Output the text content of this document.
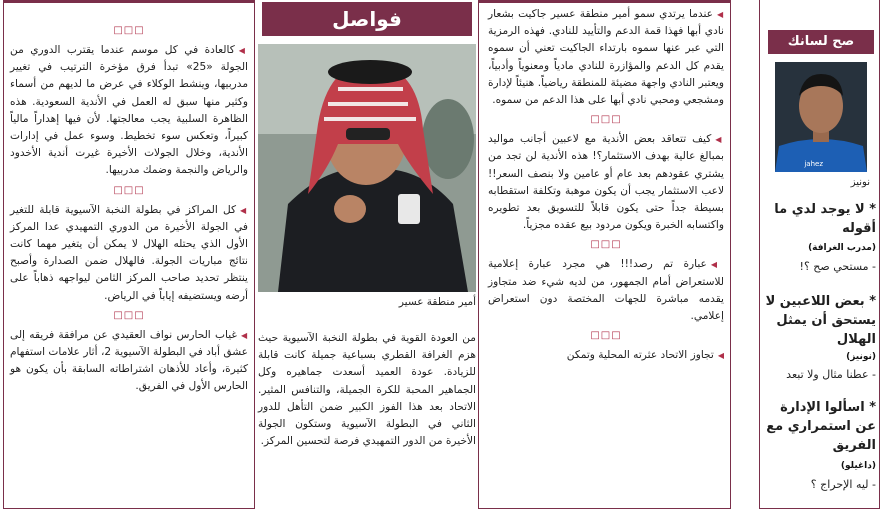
فواصل	◀عندما يرتدي سمو أمير منطقة عسير جاكيت بشعار نادي أبها فهذا قمة الدعم والتأييد للنادي. فهذه الرمزية التي عبر عنها سموه بارتداء الجاكيت تعني أن سموه يقدم كل الدعم والمؤازرة للنادي مادياً ومعنوياً وأدبياً، ويعتبر النادي واجهة مضيئة للمنطقة رياضياً. هنيئاً لإدارة ومشجعي ومحبي نادي أبها على هذا الدعم من سموه.
□□□
◀كيف تتعاقد بعض الأندية مع لاعبين أجانب مواليد بمبالغ عالية بهدف الاستثمار؟! هذه الأندية لن تجد من يشتري عقودهم بعد عام أو عامين ولا بنصف السعر!! لاعب الاستثمار يجب أن يكون موهبة وتكلفة استقطابه بسيطة جداً حتى يكون قابلاً للتسويق بعد تطويره واكتسابه الخبرة ويكون مردود بيع عقده مجزياً.
□□□
◀عبارة تم رصد!!! هي مجرد عبارة إعلامية للاستعراض أمام الجمهور، من لديه شيء ضد متجاوز يقدمه مباشرة للجهات المختصة دون استعراض إعلامي.
□□□
◀تجاوز الاتحاد عثرته المحلية وتمكن
أمير منطقة عسير
من العودة القوية في بطولة النخبة الآسيوية حيث هزم الغرافة القطري بسباعية جميلة كانت قابلة للزيادة. عودة العميد أسعدت جماهيره وكل الجماهير المحبة للكرة الجميلة، والتنافس المثير. الاتحاد بعد هذا الفوز الكبير ضمن التأهل للدور الثاني في البطولة الآسيوية وستكون الجولة الأخيرة من الدور التمهيدي فرصة لتحسين المركز.
□□□
◀كالعادة في كل موسم عندما يقترب الدوري من الجولة «25» تبدأ فرق مؤخرة الترتيب في تغيير مدربيها، وينشط الوكلاء في عرض ما لديهم من أسماء وكثير منها سبق له العمل في الأندية السعودية. هذه الظاهرة السلبية يجب معالجتها. لأن فيها إهداراً مالياً كبيراً، وتعكس سوء تخطيط. وسوء عمل في إدارات الأندية، وخلال الجولات الأخيرة غيرت أندية الأخدود والرياض والنجمة وضمك مدربيها.
□□□
◀كل المراكز في بطولة النخبة الآسيوية قابلة للتغير في الجولة الأخيرة من الدوري التمهيدي عدا المركز الأول الذي يحتله الهلال لا يمكن أن يتغير مهما كانت نتائج مباريات الجولة. فالهلال ضمن الصدارة وأصبح ينتظر تحديد صاحب المركز الثامن ليواجهه ذهاباً على أرضه ويستضيفه إياباً في الرياض.
□□□
◀غياب الحارس نواف العقيدي عن مرافقة فريقه إلى عشق أباد في البطولة الآسيوية 2، أثار علامات استفهام كثيرة، وأعاد للأذهان اشتراطاته السابقة بأن يكون هو الحارس الأول في الفريق.
صح لسانك
jahez
نونيز
* لا يوجد لدي ما أقوله
(مدرب الغرافة)
- مستحي صح ؟!
* بعض اللاعبين لا يستحق أن يمثل الهلال
(نونيز)
- عطنا مثال ولا تبعد
* اسألوا الإدارة عن استمراري مع الفريق
(داغيلو)
- ليه الإحراج ؟
